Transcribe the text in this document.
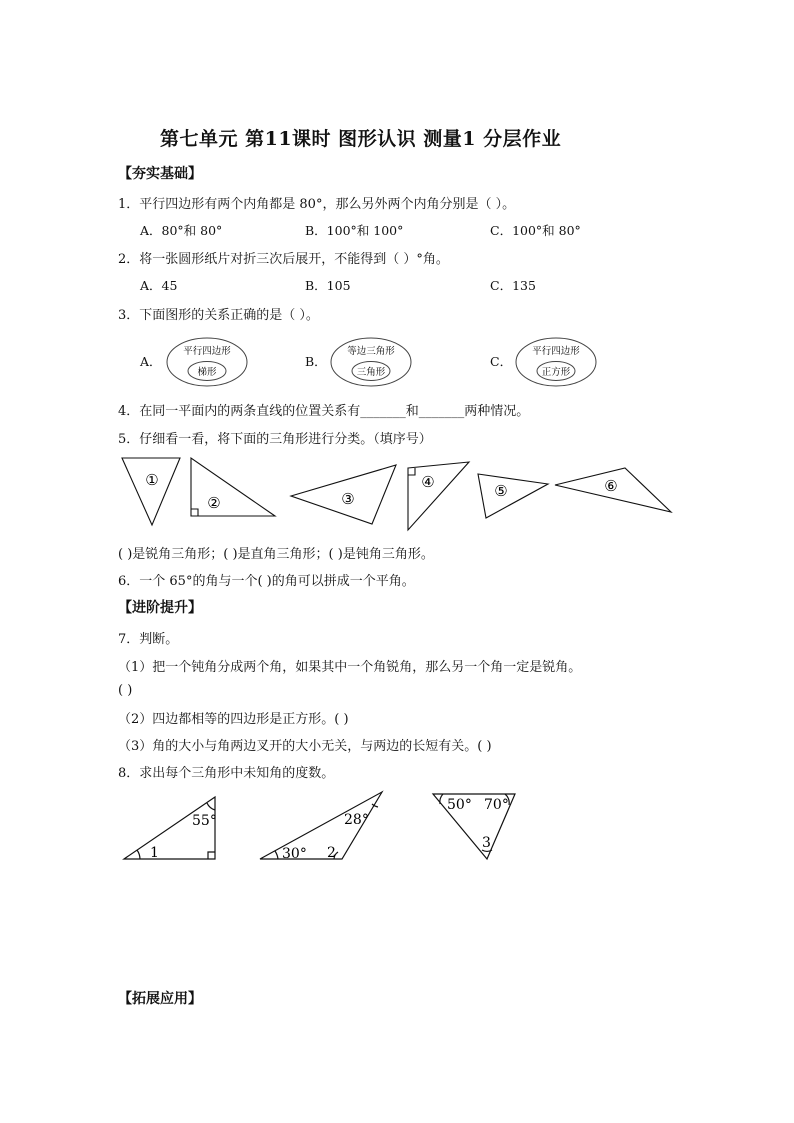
第七单元 第11课时 图形认识 测量1 分层作业
【夯实基础】
1．平行四边形有两个内角都是 80°，那么另外两个内角分别是（ ）。
A．80°和 80°	B．100°和 100°	C．100°和 80°
2．将一张圆形纸片对折三次后展开，不能得到（ ）°角。
A．45	B．105	C．135
3．下面图形的关系正确的是（ ）。
A．
平行四边形
梯形
B．
等边三角形
三角形
C．
平行四边形
正方形
4．在同一平面内的两条直线的位置关系有_______和_______两种情况。
5．仔细看一看，将下面的三角形进行分类。（填序号）
①
②	③
④	⑤	⑥
( )是锐角三角形；( )是直角三角形；( )是钝角三角形。
6．一个 65°的角与一个( )的角可以拼成一个平角。
【进阶提升】
7．判断。
（1）把一个钝角分成两个角，如果其中一个角锐角，那么另一个角一定是锐角。
( )
（2）四边都相等的四边形是正方形。( )
（3）角的大小与角两边叉开的大小无关，与两边的长短有关。( )
8．求出每个三角形中未知角的度数。
55°
1
28°
30° 2
50° 70°
3
【拓展应用】
